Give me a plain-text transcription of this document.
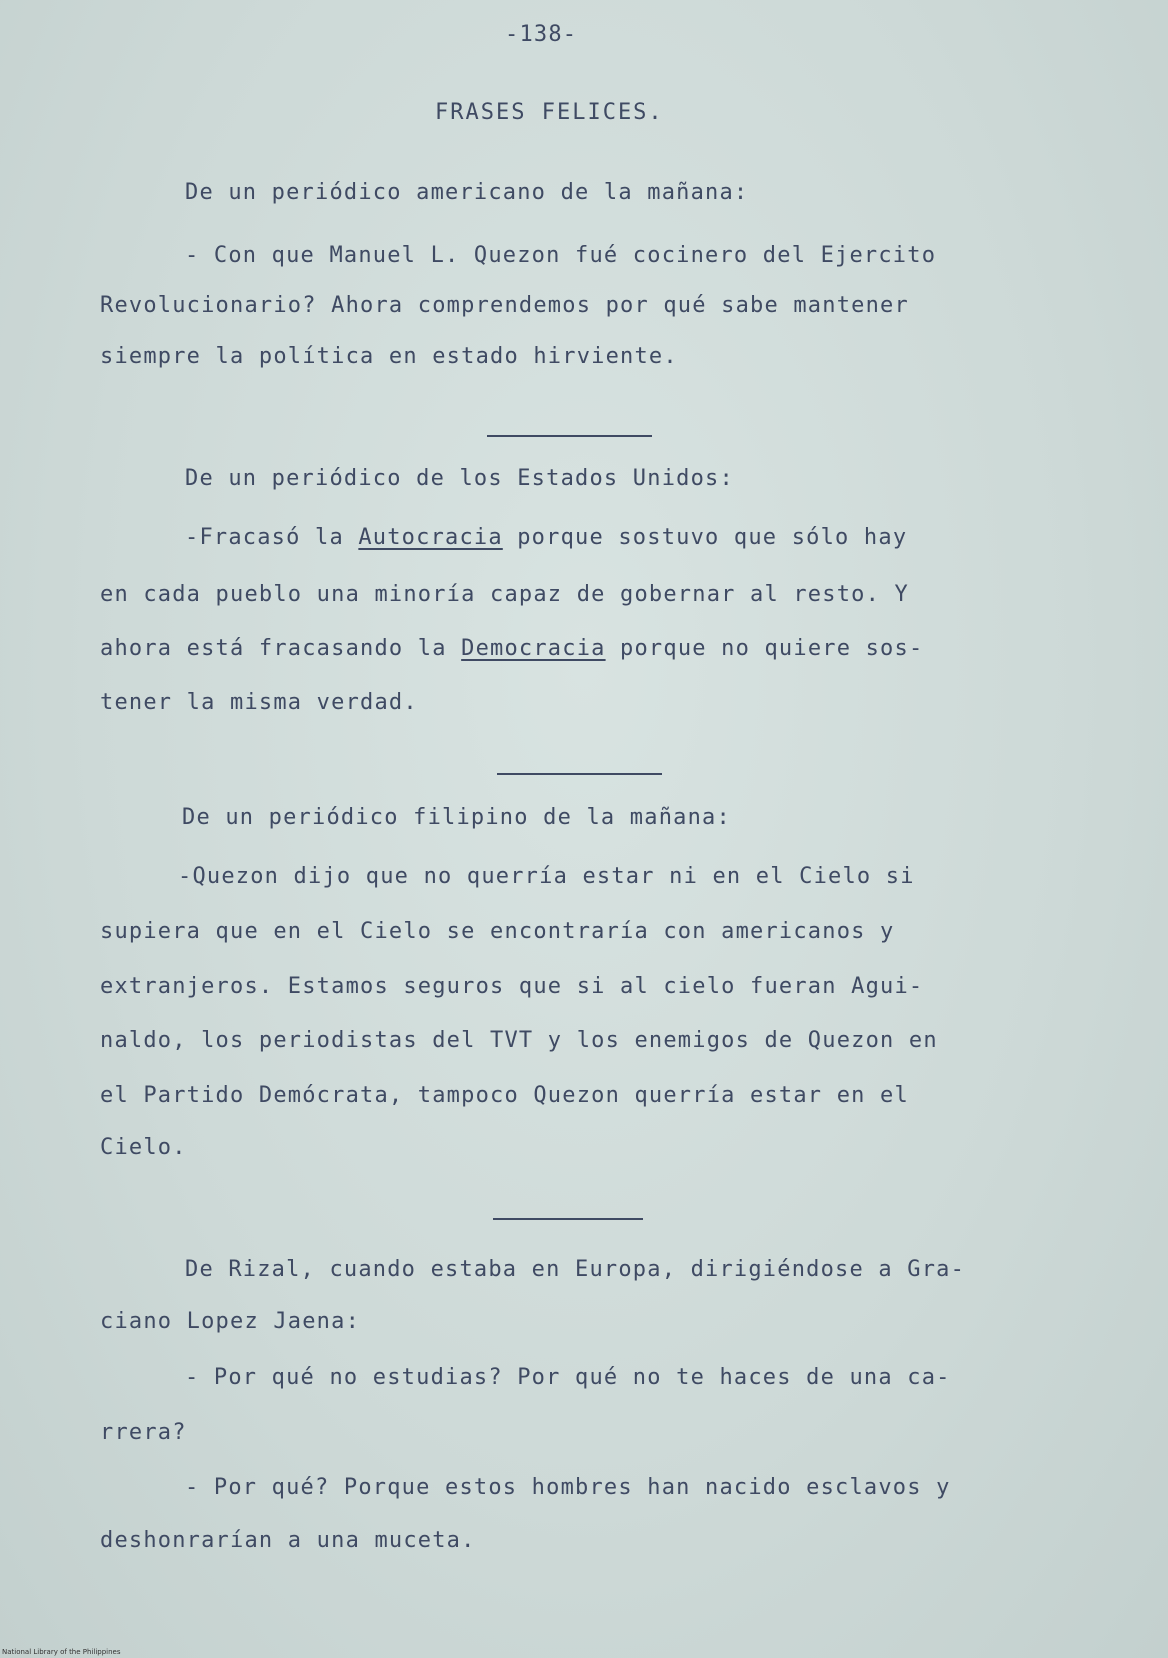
-138-
FRASES FELICES.
De un periódico americano de la mañana:
- Con que Manuel L. Quezon fué cocinero del Ejercito
Revolucionario? Ahora comprendemos por qué sabe mantener
siempre la política en estado hirviente.
De un periódico de los Estados Unidos:
-Fracasó la Autocracia porque sostuvo que sólo hay
en cada pueblo una minoría capaz de gobernar al resto. Y
ahora está fracasando la Democracia porque no quiere sos-
tener la misma verdad.
De un periódico filipino de la mañana:
-Quezon dijo que no querría estar ni en el Cielo si
supiera que en el Cielo se encontraría con americanos y
extranjeros. Estamos seguros que si al cielo fueran Agui-
naldo, los periodistas del TVT y los enemigos de Quezon en
el Partido Demócrata, tampoco Quezon querría estar en el
Cielo.
De Rizal, cuando estaba en Europa, dirigiéndose a Gra-
ciano Lopez Jaena:
- Por qué no estudias? Por qué no te haces de una ca-
rrera?
- Por qué? Porque estos hombres han nacido esclavos y
deshonrarían a una muceta.
National Library of the Philippines
